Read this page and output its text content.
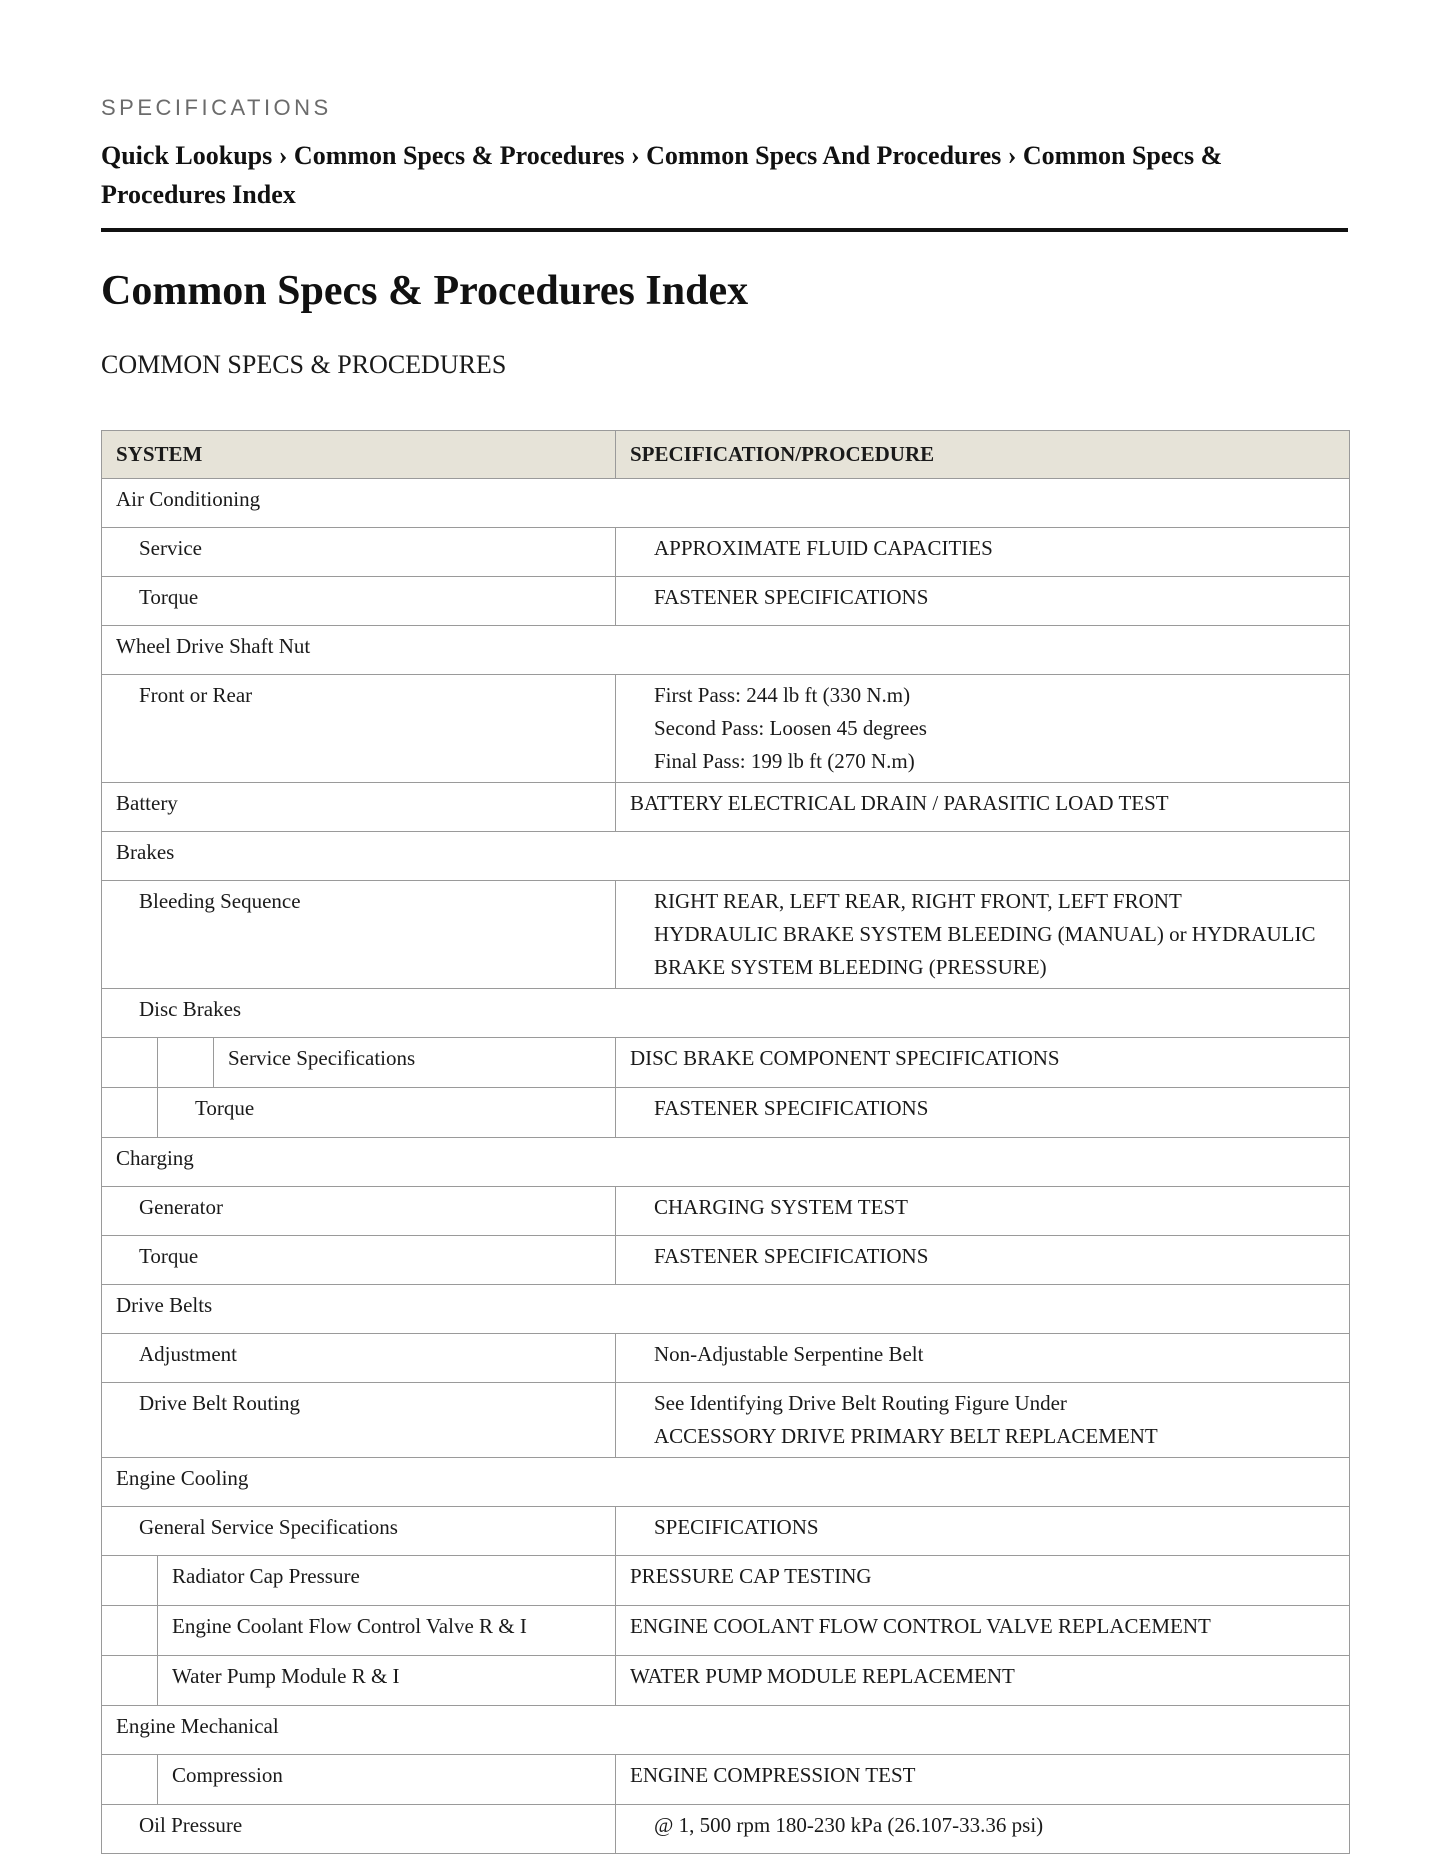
SPECIFICATIONS
Quick Lookups › Common Specs & Procedures › Common Specs And Procedures › Common Specs & Procedures Index
Common Specs & Procedures Index
COMMON SPECS & PROCEDURES
SYSTEM	SPECIFICATION/PROCEDURE
Air Conditioning	
Service	APPROXIMATE FLUID CAPACITIES
Torque	FASTENER SPECIFICATIONS
Wheel Drive Shaft Nut	
Front or Rear	First Pass: 244 lb ft (330 N.m)
Second Pass: Loosen 45 degrees
Final Pass: 199 lb ft (270 N.m)

Battery	BATTERY ELECTRICAL DRAIN / PARASITIC LOAD TEST
Brakes	
Bleeding Sequence	RIGHT REAR, LEFT REAR, RIGHT FRONT, LEFT FRONT
HYDRAULIC BRAKE SYSTEM BLEEDING (MANUAL) or HYDRAULIC
BRAKE SYSTEM BLEEDING (PRESSURE)

Disc Brakes	

Service Specifications	DISC BRAKE COMPONENT SPECIFICATIONS

Torque	FASTENER SPECIFICATIONS
Charging	
Generator	CHARGING SYSTEM TEST
Torque	FASTENER SPECIFICATIONS
Drive Belts	
Adjustment	Non-Adjustable Serpentine Belt
Drive Belt Routing	See Identifying Drive Belt Routing Figure Under
ACCESSORY DRIVE PRIMARY BELT REPLACEMENT

Engine Cooling	
General Service Specifications	SPECIFICATIONS

Radiator Cap Pressure	PRESSURE CAP TESTING

Engine Coolant Flow Control Valve R & I	ENGINE COOLANT FLOW CONTROL VALVE REPLACEMENT

Water Pump Module R & I	WATER PUMP MODULE REPLACEMENT
Engine Mechanical	

Compression	ENGINE COMPRESSION TEST
Oil Pressure	@ 1, 500 rpm 180-230 kPa (26.107-33.36 psi)
